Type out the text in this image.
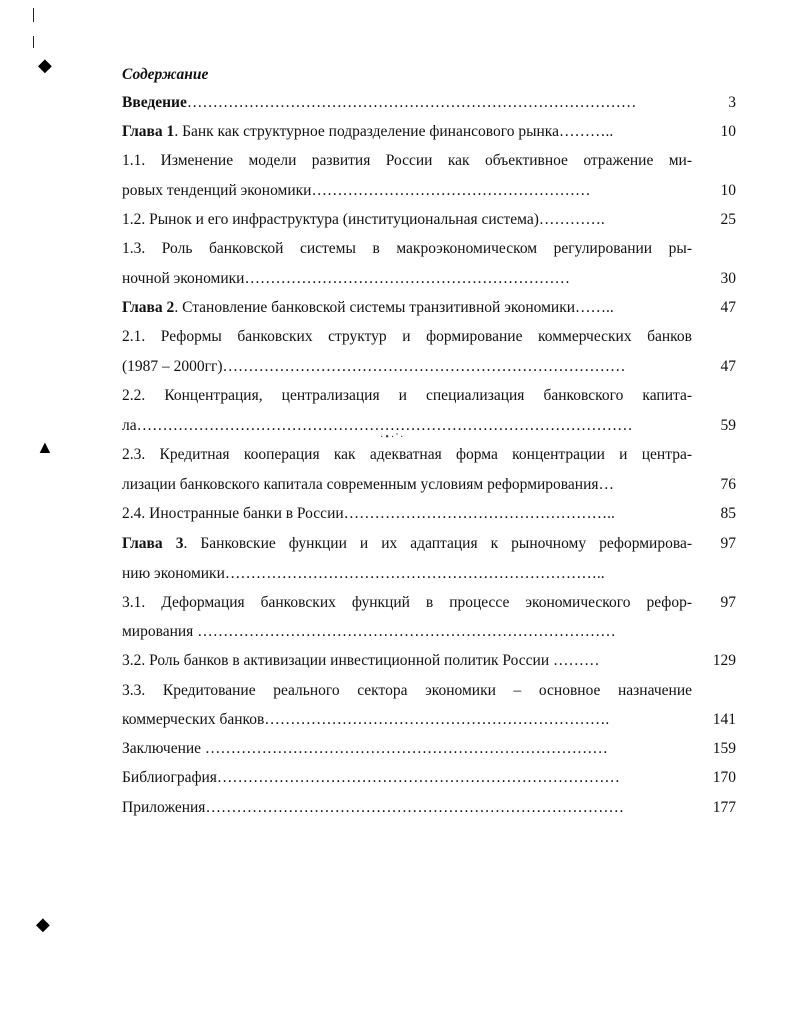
◆
▲
◆
·•·'·
Содержание
Введение……………………………………………………………………………	3
Глава 1. Банк как структурное подразделение финансового рынка………..	10
1.1. Изменение модели развития России как объективное отражение ми-
ровых тенденций экономики………………………………………………	10
1.2. Рынок и его инфраструктура (институциональная система)………….	25
1.3. Роль банковской системы в макроэкономическом регулировании ры-
ночной экономики………………………………………………………	30
Глава 2. Становление банковской системы транзитивной экономики……..	47
2.1. Реформы банковских структур и формирование коммерческих банков
(1987 – 2000гг)……………………………………………………………………	47
2.2. Концентрация, централизация и специализация банковского капита-
ла……………………………………………………………………………………	59
2.3. Кредитная кооперация как адекватная форма концентрации и центра-
лизации банковского капитала современным условиям реформирования…	76
2.4. Иностранные банки в России……………………………………………..	85
Глава 3. Банковские функции и их адаптация к рыночному реформирова-	97
нию экономики………………………………………………………………..
3.1. Деформация банковских функций в процессе экономического рефор-	97
мирования ………………………………………………………………………
3.2. Роль банков в активизации инвестиционной политик России ………	129
3.3. Кредитование реального сектора экономики – основное назначение
коммерческих банков………………………………………………………….	141
Заключение ……………………………………………………………………	159
Библиография……………………………………………………………………	170
Приложения………………………………………………………………………	177
